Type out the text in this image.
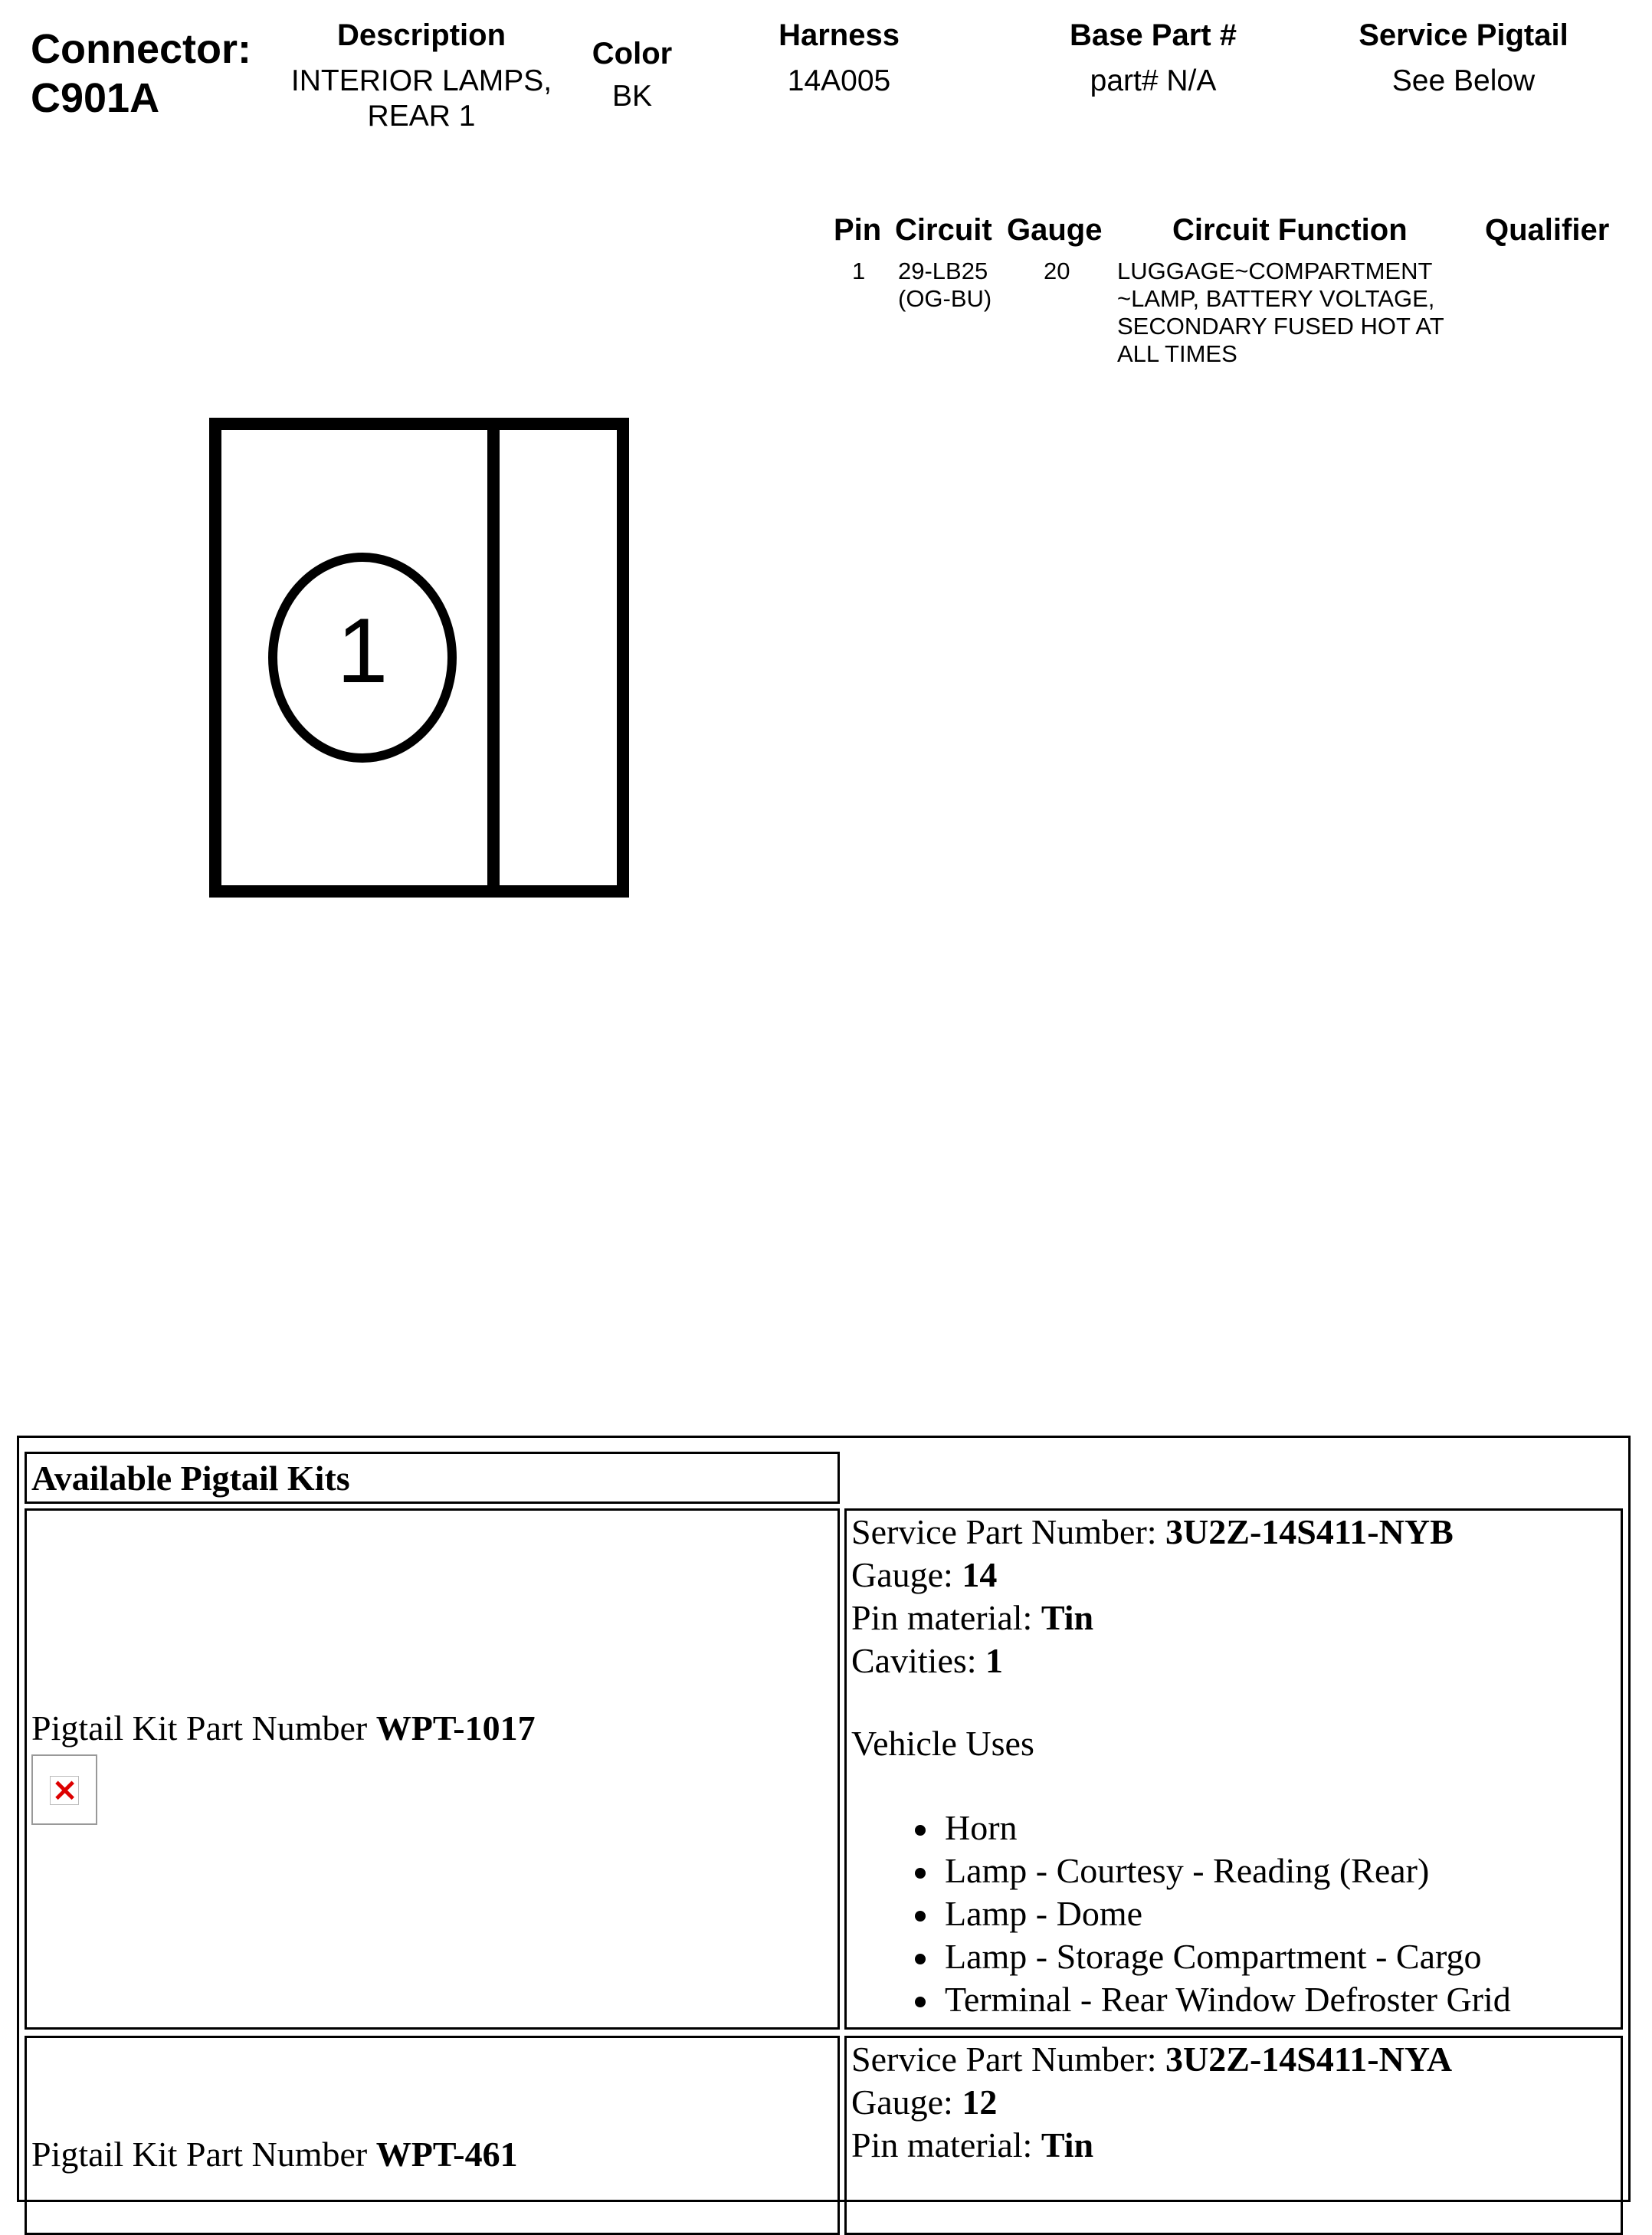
Connector:
C901A
Description
INTERIOR LAMPS,
REAR 1
Color
BK
Harness
14A005
Base Part #
part# N/A
Service Pigtail
See Below
Pin Circuit Gauge Circuit Function	Qualifier
1 29-LB25
(OG-BU)
20 LUGGAGE~COMPARTMENT
~LAMP, BATTERY VOLTAGE,
SECONDARY FUSED HOT AT
ALL TIMES
1
Available Pigtail Kits
Pigtail Kit Part Number WPT-1017
×
Service Part Number: 3U2Z-14S411-NYB
Gauge: 14
Pin material: Tin
Cavities: 1
Vehicle Uses
Horn
Lamp - Courtesy - Reading (Rear)
Lamp - Dome
Lamp - Storage Compartment - Cargo
Terminal - Rear Window Defroster Grid
Pigtail Kit Part Number WPT-461
Service Part Number: 3U2Z-14S411-NYA
Gauge: 12
Pin material: Tin
